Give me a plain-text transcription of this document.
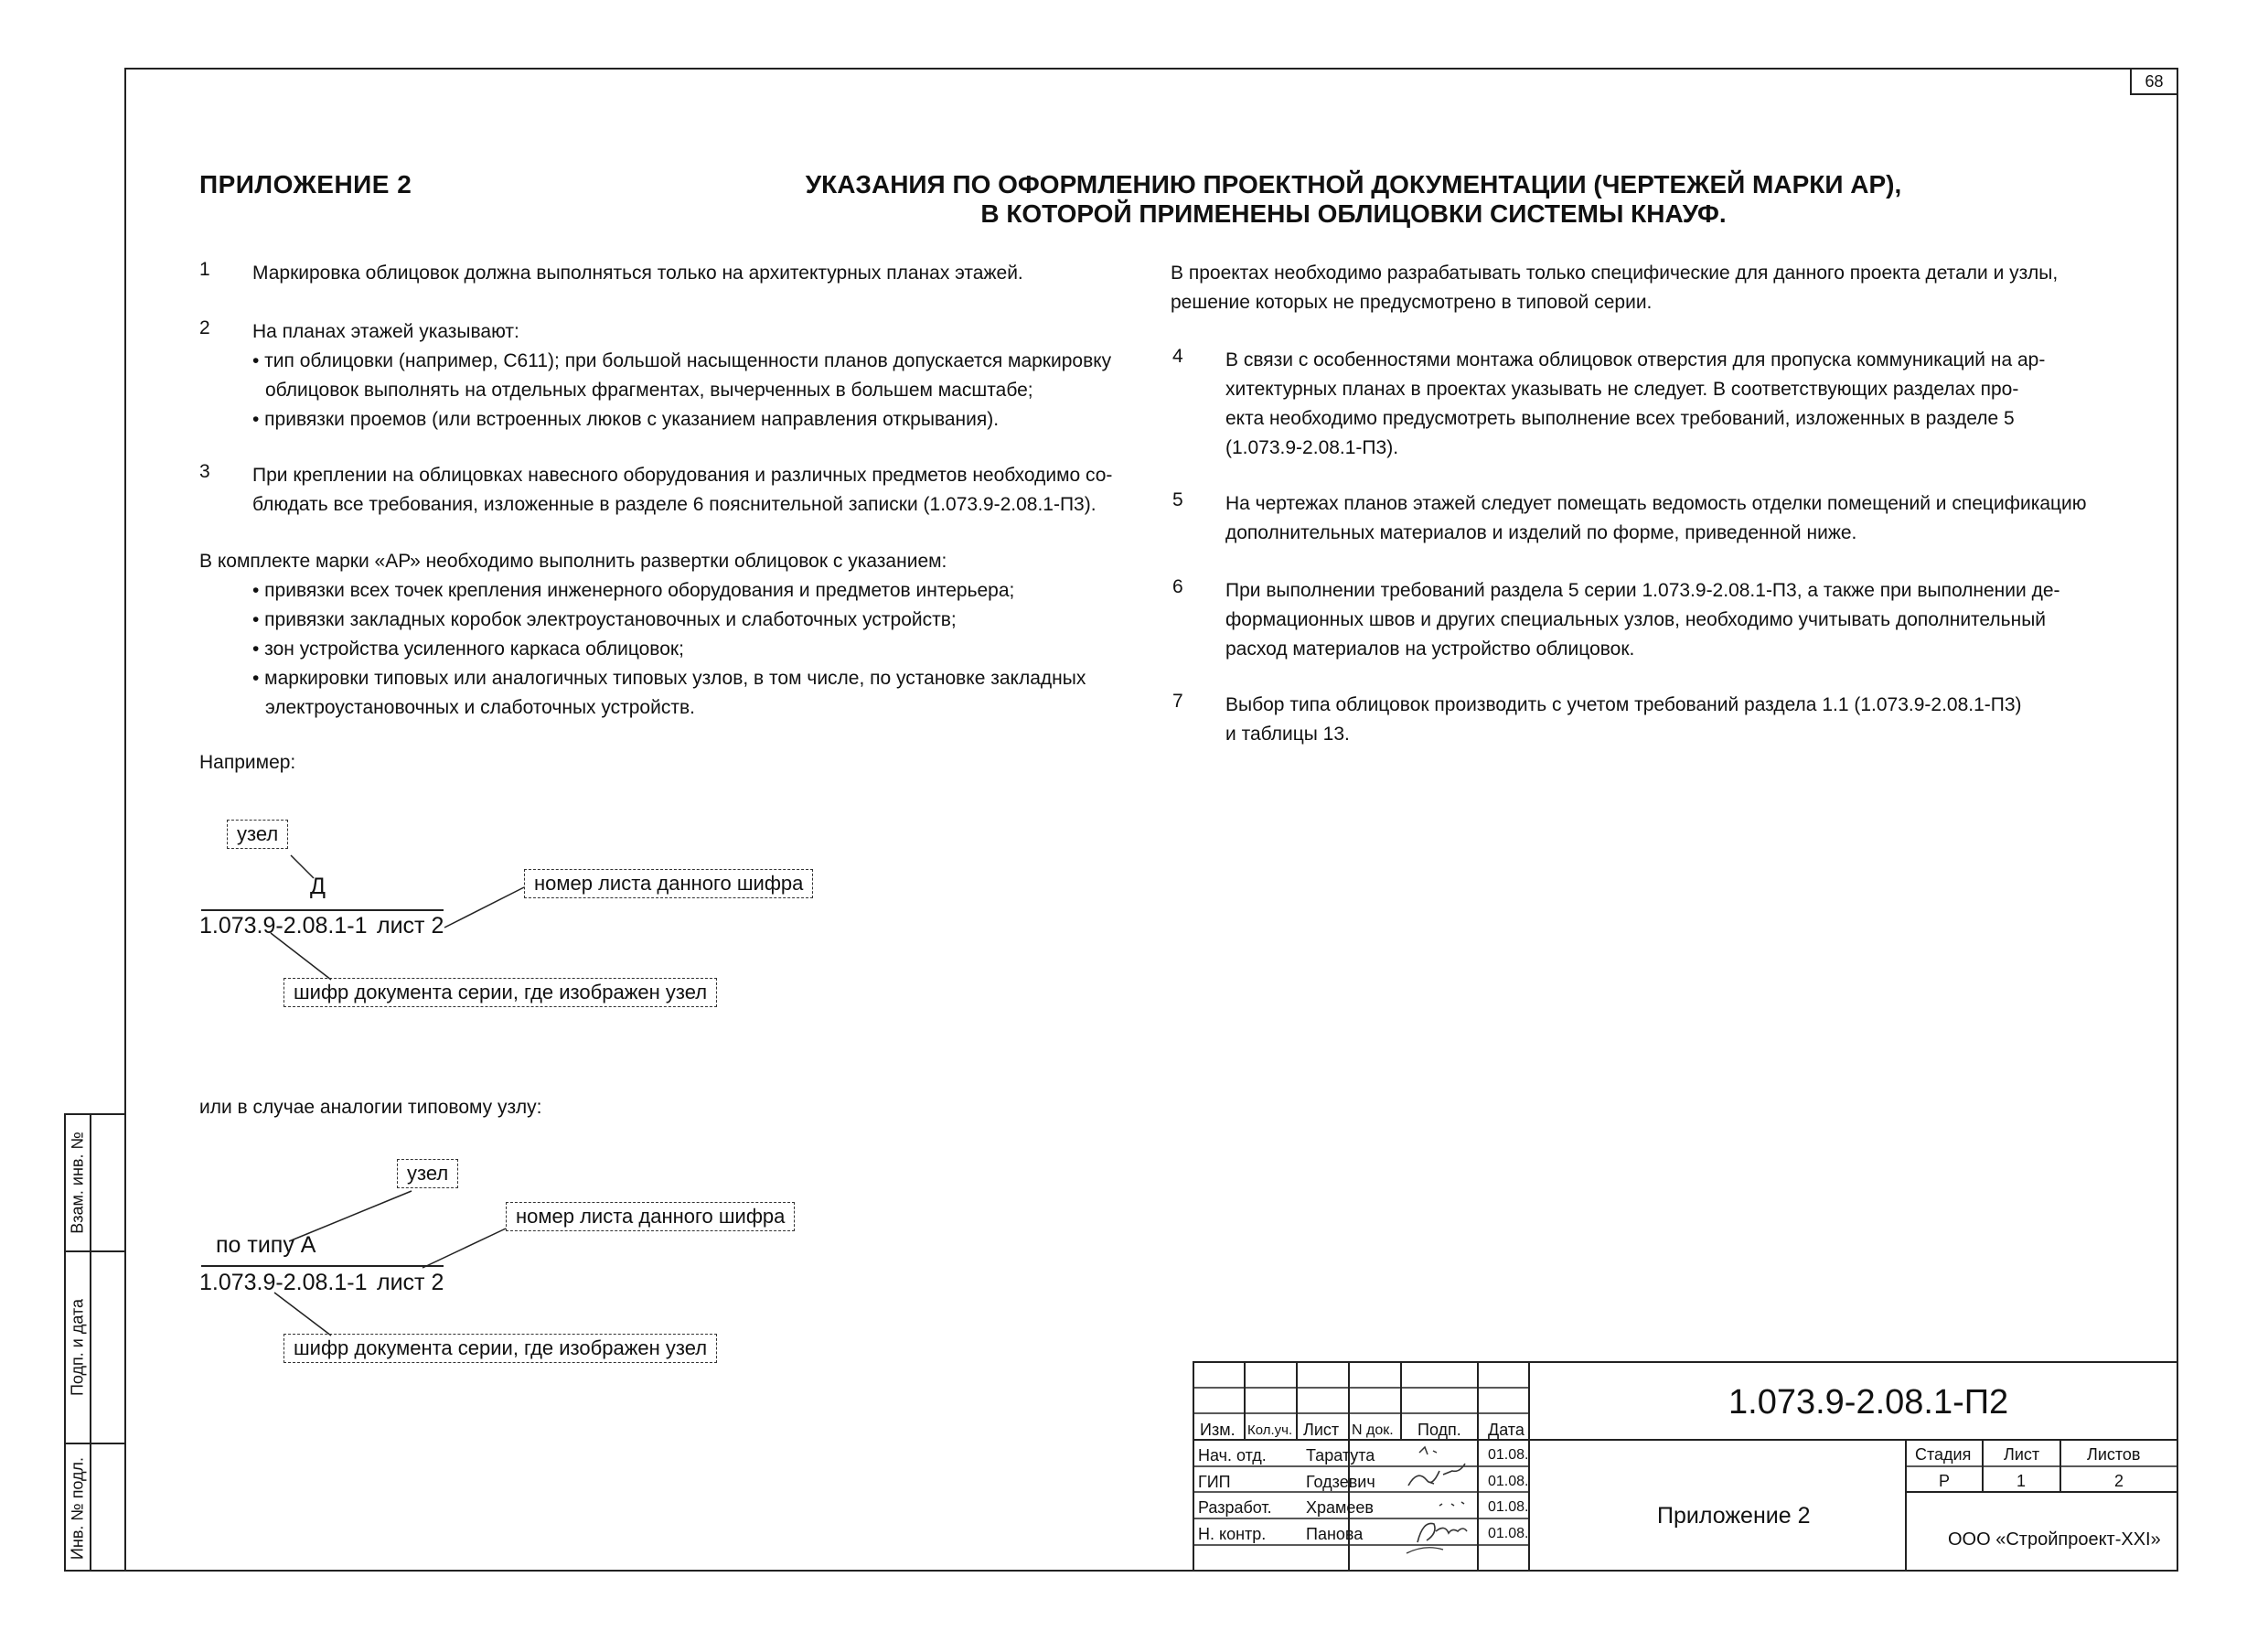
68
Взам. инв. №
Подп. и дата
Инв. № подл.
ПРИЛОЖЕНИЕ 2	УКАЗАНИЯ ПО ОФОРМЛЕНИЮ ПРОЕКТНОЙ ДОКУМЕНТАЦИИ (ЧЕРТЕЖЕЙ МАРКИ АР),
В КОТОРОЙ ПРИМЕНЕНЫ ОБЛИЦОВКИ СИСТЕМЫ КНАУФ.
1 Маркировка облицовок должна выполняться только на архитектурных планах этажей.
2 На планах этажей указывают:
• тип облицовки (например, С611); при большой насыщенности планов допускается маркировку
облицовок выполнять на отдельных фрагментах, вычерченных в большем масштабе;
• привязки проемов (или встроенных люков с указанием направления открывания).
3 При креплении на облицовках навесного оборудования и различных предметов необходимо со-
блюдать все требования, изложенные в разделе 6 пояснительной записки (1.073.9-2.08.1-П3).
В комплекте марки «АР» необходимо выполнить развертки облицовок с указанием:
• привязки всех точек крепления инженерного оборудования и предметов интерьера;
• привязки закладных коробок электроустановочных и слаботочных устройств;
• зон устройства усиленного каркаса облицовок;
• маркировки типовых или аналогичных типовых узлов, в том числе, по установке закладных
электроустановочных и слаботочных устройств.
Например:
узел
Д	номер листа данного шифра
1.073.9-2.08.1-1 лист 2
шифр документа серии, где изображен узел
или в случае аналогии типовому узлу:
узел
номер листа данного шифра
по типу А
1.073.9-2.08.1-1 лист 2
шифр документа серии, где изображен узел
В проектах необходимо разрабатывать только специфические для данного проекта детали и узлы,
решение которых не предусмотрено в типовой серии.
4 В связи с особенностями монтажа облицовок отверстия для пропуска коммуникаций на ар-
хитектурных планах в проектах указывать не следует. В соответствующих разделах про-
екта необходимо предусмотреть выполнение всех требований, изложенных в разделе 5
(1.073.9-2.08.1-П3).
5 На чертежах планов этажей следует помещать ведомость отделки помещений и спецификацию
дополнительных материалов и изделий по форме, приведенной ниже.
6 При выполнении требований раздела 5 серии 1.073.9-2.08.1-П3, а также при выполнении де-
формационных швов и других специальных узлов, необходимо учитывать дополнительный
расход материалов на устройство облицовок.
7 Выбор типа облицовок производить с учетом требований раздела 1.1 (1.073.9-2.08.1-П3)
и таблицы 13.
Изм. Кол.уч. Лист N док. Подп. Дата
Нач. отд. Таратута	01.08.
ГИП	Годзевич	01.08.
Разработ. Храмеев	01.08.
Н. контр. Панова	01.08.
1.073.9-2.08.1-П2
Приложение 2
Стадия Лист	Листов
Р	1	2
ООО «Стройпроект-XXI»
